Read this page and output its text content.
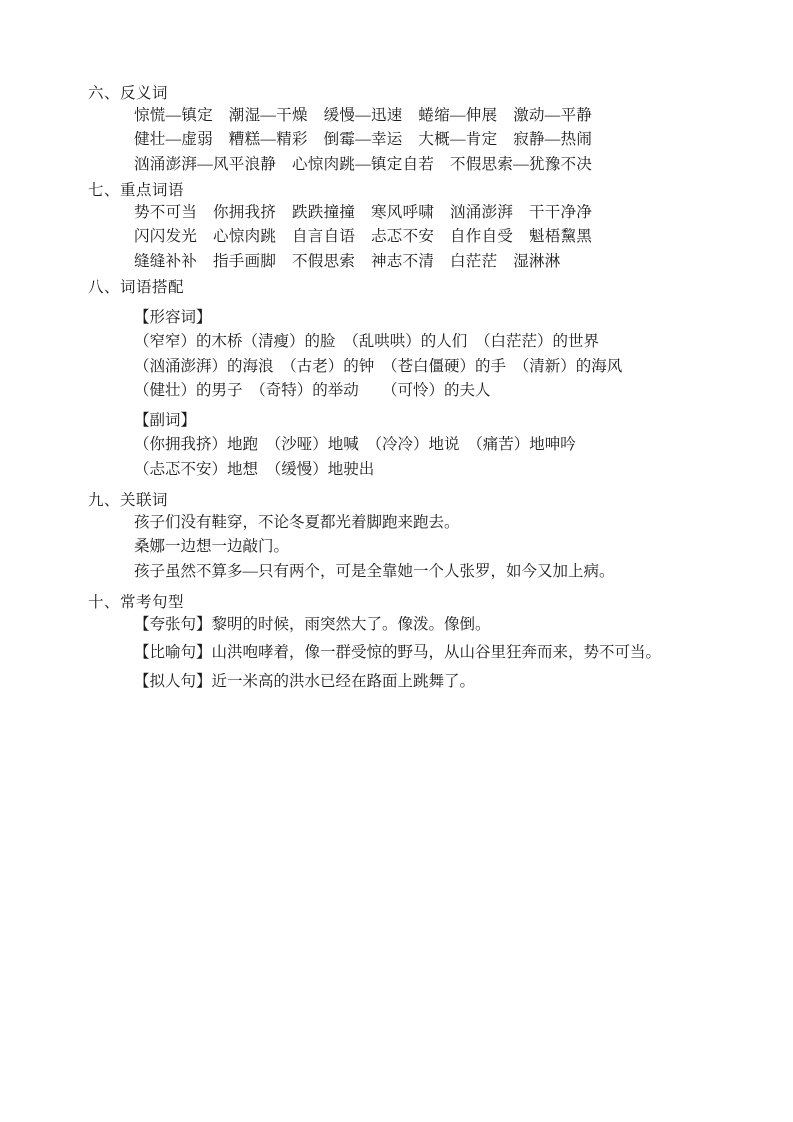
六、反义词
惊慌—镇定　潮湿—干燥　缓慢—迅速　蜷缩—伸展　激动—平静
健壮—虚弱　糟糕—精彩　倒霉—幸运　大概—肯定　寂静—热闹
汹涌澎湃—风平浪静　心惊肉跳—镇定自若　不假思索—犹豫不决
七、重点词语
势不可当　你拥我挤　跌跌撞撞　寒风呼啸　汹涌澎湃　干干净净
闪闪发光　心惊肉跳　自言自语　忐忑不安　自作自受　魁梧黧黑
缝缝补补　指手画脚　不假思索　神志不清　白茫茫　湿淋淋
八、词语搭配
【形容词】
（窄窄）的木桥（清瘦）的脸　（乱哄哄）的人们　（白茫茫）的世界
（汹涌澎湃）的海浪　（古老）的钟　（苍白僵硬）的手　（清新）的海风
（健壮）的男子　（奇特）的举动　　（可怜）的夫人
【副词】
（你拥我挤）地跑　（沙哑）地喊　（冷冷）地说　（痛苦）地呻吟
（忐忑不安）地想　（缓慢）地驶出
九、关联词
孩子们没有鞋穿，不论冬夏都光着脚跑来跑去。
桑娜一边想一边敲门。
孩子虽然不算多—只有两个，可是全靠她一个人张罗，如今又加上病。
十、常考句型
【夸张句】黎明的时候，雨突然大了。像泼。像倒。
【比喻句】山洪咆哮着，像一群受惊的野马，从山谷里狂奔而来，势不可当。
【拟人句】近一米高的洪水已经在路面上跳舞了。
